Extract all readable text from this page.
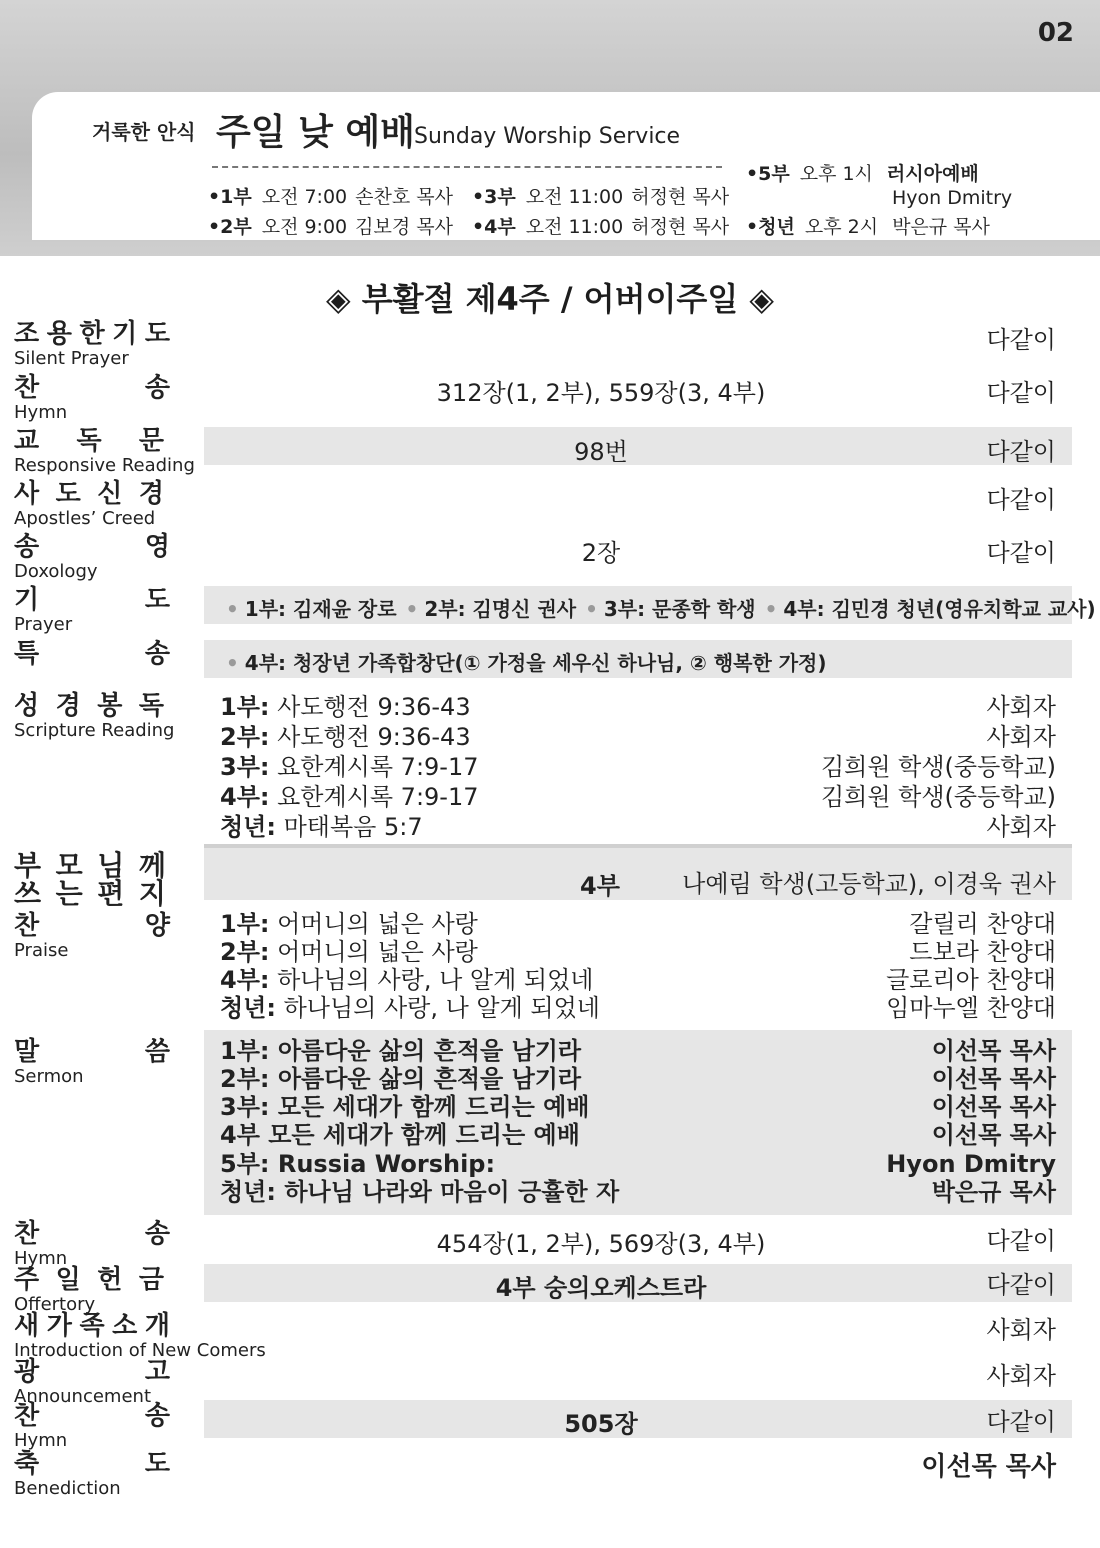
02
거룩한 안식 주일 낮 예배 Sunday Worship Service
•1부 오전 7:00 손찬호 목사
•2부 오전 9:00 김보경 목사
•3부 오전 11:00 허정현 목사
•4부 오전 11:00 허정현 목사
•5부 오후 1시 러시아예배
Hyon Dmitry
•청년 오후 2시 박은규 목사
◈ 부활절 제4주 / 어버이주일 ◈
조 용 한 기 도
Silent Prayer
다같이
찬	송
Hymn
312장(1, 2부), 559장(3, 4부)	다같이
교 독 문
Responsive Reading	98번	다같이
사 도 신 경
Apostles’ Creed
다같이
송	영
Doxology
2장	다같이
기	도
Prayer
• 1부: 김재윤 장로 • 2부: 김명신 권사 • 3부: 문종학 학생 • 4부: 김민경 청년(영유치학교 교사)
특	송	• 4부: 청장년 가족합창단(① 가정을 세우신 하나님, ② 행복한 가정)
성 경 봉 독
Scripture Reading
1부: 사도행전 9:36-43	사회자
2부: 사도행전 9:36-43	사회자
3부: 요한계시록 7:9-17	김희원 학생(중등학교)
4부: 요한계시록 7:9-17	김희원 학생(중등학교)
청년: 마태복음 5:7	사회자
부 모 님 께
쓰 는 편 지	4부	나예림 학생(고등학교), 이경욱 권사
찬	양
Praise
1부: 어머니의 넓은 사랑	갈릴리 찬양대
2부: 어머니의 넓은 사랑	드보라 찬양대
4부: 하나님의 사랑, 나 알게 되었네	글로리아 찬양대
청년: 하나님의 사랑, 나 알게 되었네	임마누엘 찬양대
말	씀
Sermon
1부: 아름다운 삶의 흔적을 남기라	이선목 목사
2부: 아름다운 삶의 흔적을 남기라	이선목 목사
3부: 모든 세대가 함께 드리는 예배	이선목 목사
4부 모든 세대가 함께 드리는 예배	이선목 목사
5부: Russia Worship:	Hyon Dmitry
청년: 하나님 나라와 마음이 긍휼한 자	박은규 목사
찬	송
Hymn
454장(1, 2부), 569장(3, 4부)	다같이
주 일 헌 금
Offertory
4부 숭의오케스트라	다같이
새 가 족 소 개
Introduction of New Comers
사회자
광	고
Announcement
사회자
찬	송
Hymn
505장	다같이
축	도
Benediction
이선목 목사
